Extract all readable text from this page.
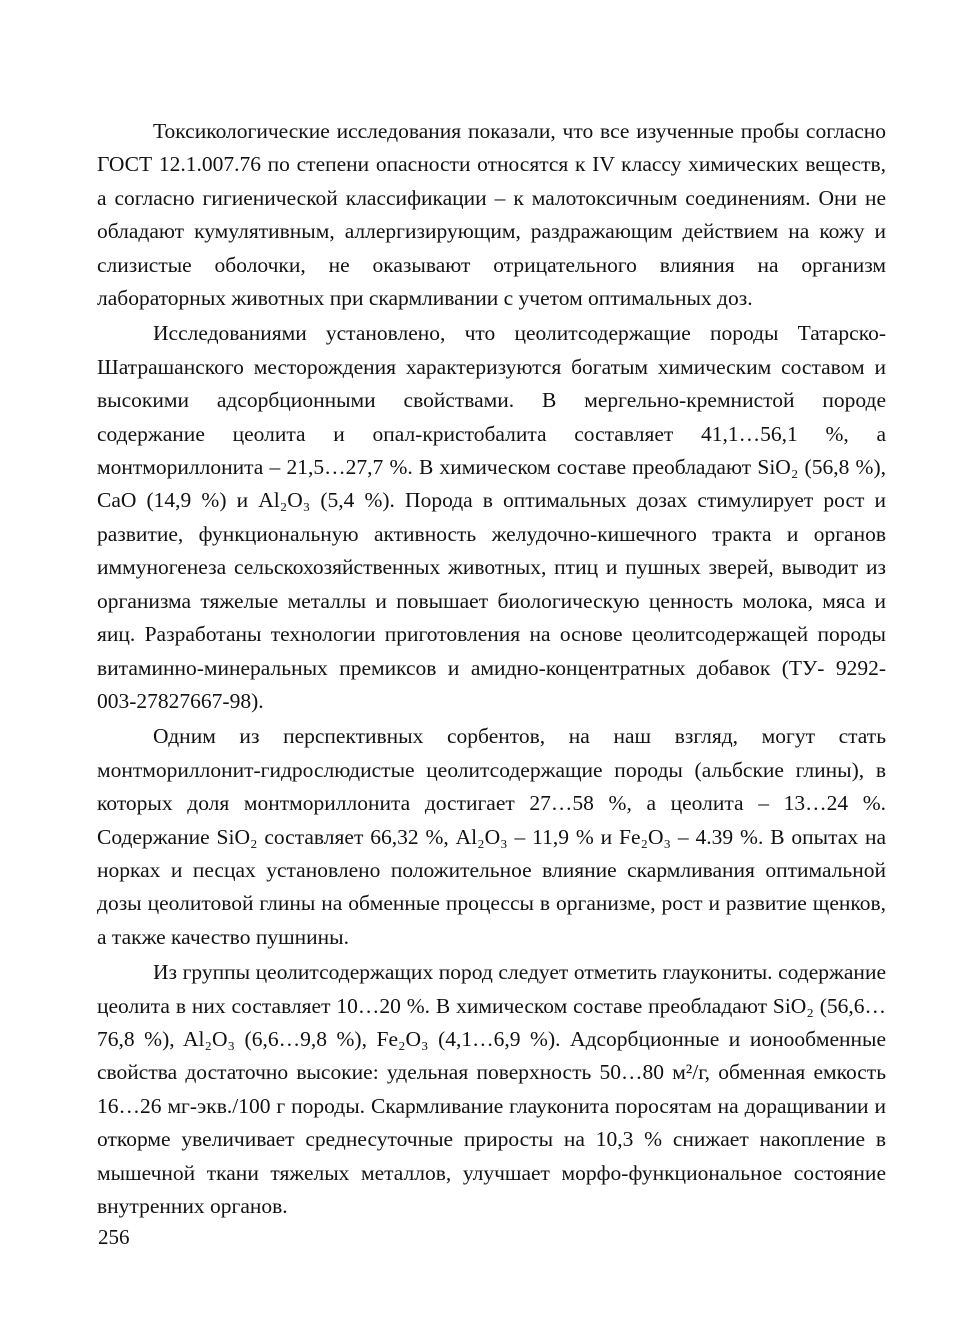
Токсикологические исследования показали, что все изученные пробы согласно ГОСТ 12.1.007.76 по степени опасности относятся к IV классу химических веществ, а согласно гигиенической классификации – к малотоксичным соединениям. Они не обладают кумулятивным, аллергизирующим, раздражающим действием на кожу и слизистые оболочки, не оказывают отрицательного влияния на организм лабораторных животных при скармливании с учетом оптимальных доз.

Исследованиями установлено, что цеолитсодержащие породы Татарско-Шатрашанского месторождения характеризуются богатым химическим составом и высокими адсорбционными свойствами. В мергельно-кремнистой породе содержание цеолита и опал-кристобалита составляет 41,1…56,1 %, а монтмориллонита – 21,5…27,7 %. В химическом составе преобладают SiO₂ (56,8 %), CaO (14,9 %) и Al₂O₃ (5,4 %). Порода в оптимальных дозах стимулирует рост и развитие, функциональную активность желудочно-кишечного тракта и органов иммуногенеза сельскохозяйственных животных, птиц и пушных зверей, выводит из организма тяжелые металлы и повышает биологическую ценность молока, мяса и яиц. Разработаны технологии приготовления на основе цеолитсодержащей породы витаминно-минеральных премиксов и амидно-концентратных добавок (ТУ- 9292-003-27827667-98).

Одним из перспективных сорбентов, на наш взгляд, могут стать монтмориллонит-гидрослюдистые цеолитсодержащие породы (альбские глины), в которых доля монтмориллонита достигает 27…58 %, а цеолита – 13…24 %. Содержание SiO₂ составляет 66,32 %, Al₂O₃ – 11,9 % и Fe₂O₃ – 4.39 %. В опытах на норках и песцах установлено положительное влияние скармливания оптимальной дозы цеолитовой глины на обменные процессы в организме, рост и развитие щенков, а также качество пушнины.

Из группы цеолитсодержащих пород следует отметить глаукониты. содержание цеолита в них составляет 10…20 %. В химическом составе преобладают SiO₂ (56,6…76,8 %), Al₂O₃ (6,6…9,8 %), Fe₂O₃ (4,1…6,9 %). Адсорбционные и ионообменные свойства достаточно высокие: удельная поверхность 50…80 м²/г, обменная емкость 16…26 мг-экв./100 г породы. Скармливание глауконита поросятам на доращивании и откорме увеличивает среднесуточные приросты на 10,3 % снижает накопление в мышечной ткани тяжелых металлов, улучшает морфо-функциональное состояние внутренних органов.

256
